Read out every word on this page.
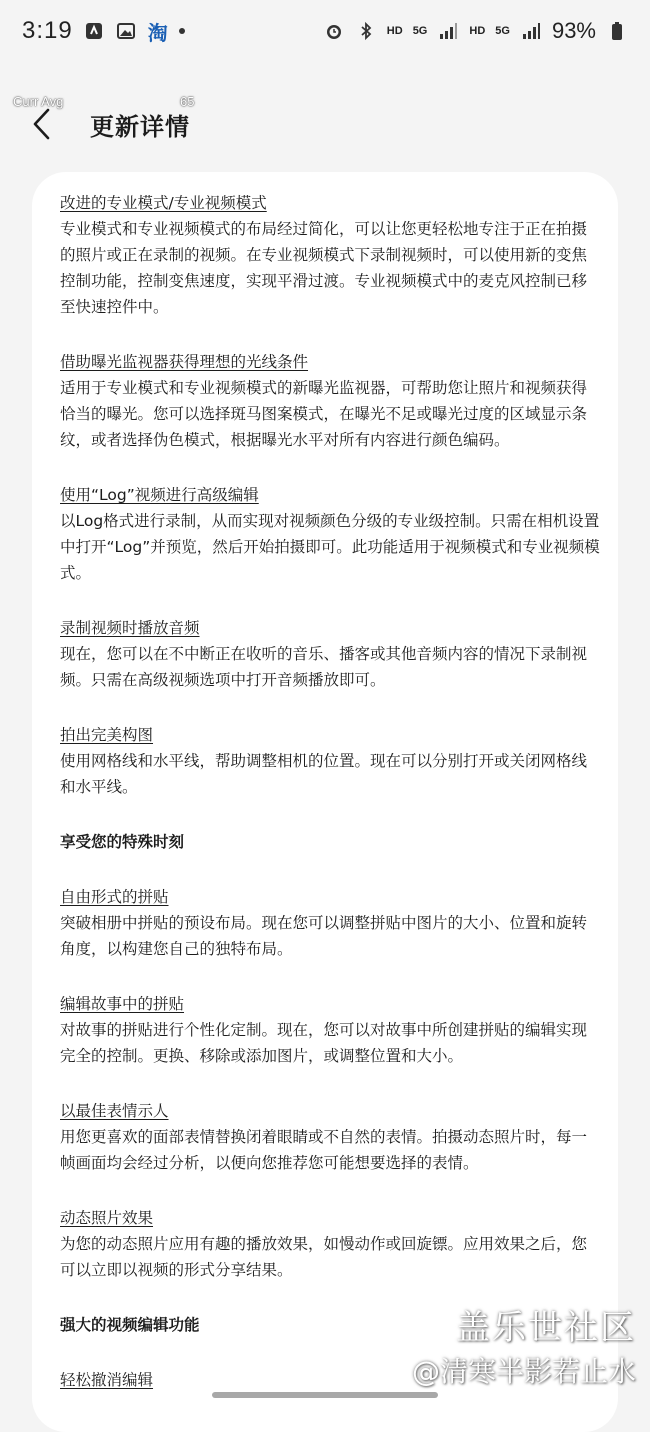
3:19	淘	HD 5G	HD 5G 93%
Curr Avg	65
更新详情
改进的专业模式/专业视频模式
专业模式和专业视频模式的布局经过简化，可以让您更轻松地专注于正在拍摄的照片或正在录制的视频。在专业视频模式下录制视频时，可以使用新的变焦控制功能，控制变焦速度，实现平滑过渡。专业视频模式中的麦克风控制已移至快速控件中。
借助曝光监视器获得理想的光线条件
适用于专业模式和专业视频模式的新曝光监视器，可帮助您让照片和视频获得恰当的曝光。您可以选择斑马图案模式，在曝光不足或曝光过度的区域显示条纹，或者选择伪色模式，根据曝光水平对所有内容进行颜色编码。
使用“Log”视频进行高级编辑
以Log格式进行录制，从而实现对视频颜色分级的专业级控制。只需在相机设置中打开“Log”并预览，然后开始拍摄即可。此功能适用于视频模式和专业视频模式。
录制视频时播放音频
现在，您可以在不中断正在收听的音乐、播客或其他音频内容的情况下录制视频。只需在高级视频选项中打开音频播放即可。
拍出完美构图
使用网格线和水平线，帮助调整相机的位置。现在可以分别打开或关闭网格线和水平线。
享受您的特殊时刻
自由形式的拼贴
突破相册中拼贴的预设布局。现在您可以调整拼贴中图片的大小、位置和旋转角度，以构建您自己的独特布局。
编辑故事中的拼贴
对故事的拼贴进行个性化定制。现在，您可以对故事中所创建拼贴的编辑实现完全的控制。更换、移除或添加图片，或调整位置和大小。
以最佳表情示人
用您更喜欢的面部表情替换闭着眼睛或不自然的表情。拍摄动态照片时，每一帧画面均会经过分析，以便向您推荐您可能想要选择的表情。
动态照片效果
为您的动态照片应用有趣的播放效果，如慢动作或回旋镖。应用效果之后，您可以立即以视频的形式分享结果。
强大的视频编辑功能
轻松撤消编辑
盖乐世社区
@清寒半影若止水
